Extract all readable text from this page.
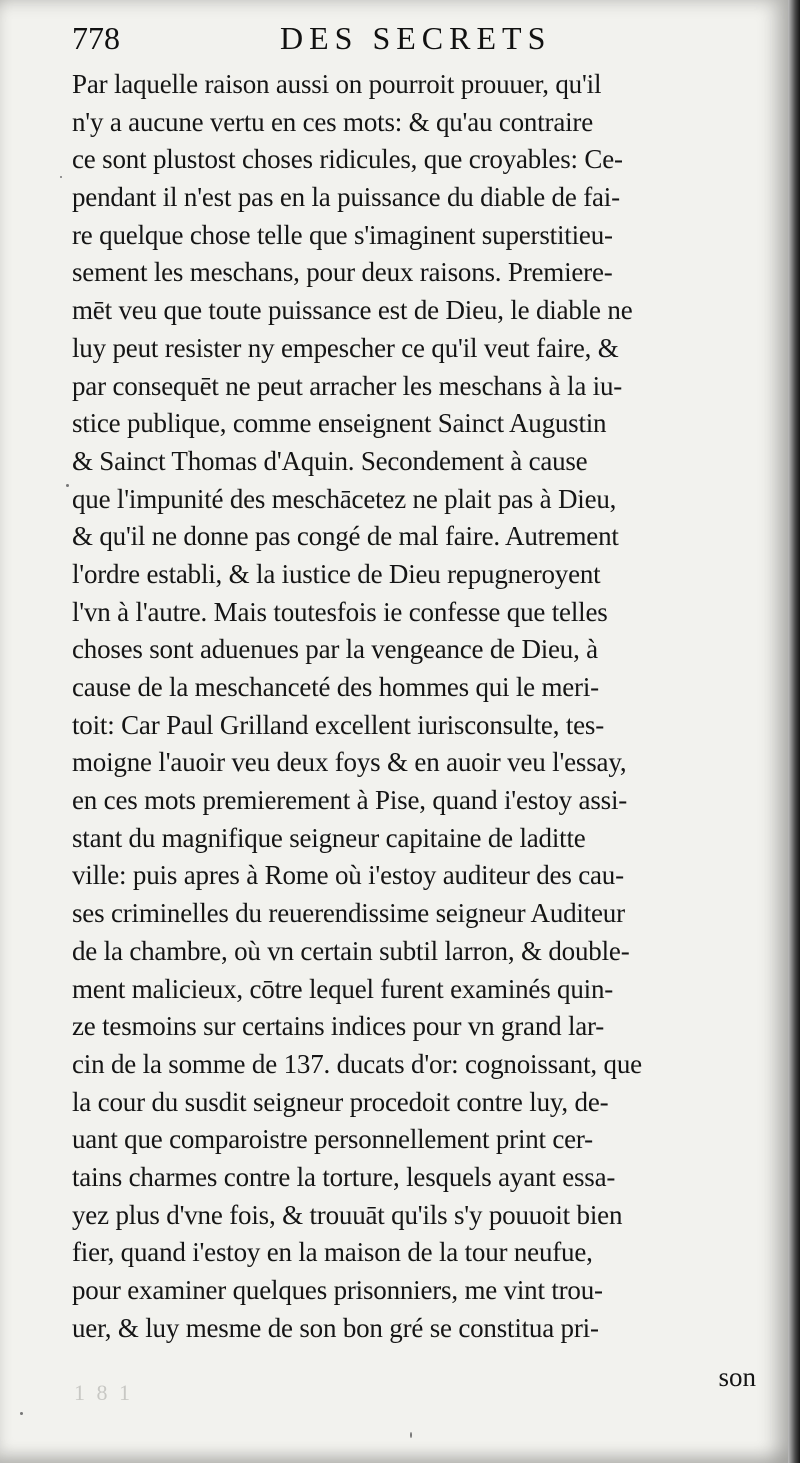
778	DES SECRETS
Par laquelle raison aussi on pourroit prouuer, qu'il
n'y a aucune vertu en ces mots: & qu'au contraire
ce sont plustost choses ridicules, que croyables: Ce-
pendant il n'est pas en la puissance du diable de fai-
re quelque chose telle que s'imaginent superstitieu-
sement les meschans, pour deux raisons. Premiere-
mēt veu que toute puissance est de Dieu, le diable ne
luy peut resister ny empescher ce qu'il veut faire, &
par consequēt ne peut arracher les meschans à la iu-
stice publique, comme enseignent Sainct Augustin
& Sainct Thomas d'Aquin. Secondement à cause
que l'impunité des meschācetez ne plait pas à Dieu,
& qu'il ne donne pas congé de mal faire. Autrement
l'ordre establi, & la iustice de Dieu repugneroyent
l'vn à l'autre. Mais toutesfois ie confesse que telles
choses sont aduenues par la vengeance de Dieu, à
cause de la meschanceté des hommes qui le meri-
toit: Car Paul Grilland excellent iurisconsulte, tes-
moigne l'auoir veu deux foys & en auoir veu l'essay,
en ces mots premierement à Pise, quand i'estoy assi-
stant du magnifique seigneur capitaine de laditte
ville: puis apres à Rome où i'estoy auditeur des cau-
ses criminelles du reuerendissime seigneur Auditeur
de la chambre, où vn certain subtil larron, & double-
ment malicieux, cōtre lequel furent examinés quin-
ze tesmoins sur certains indices pour vn grand lar-
cin de la somme de 137. ducats d'or: cognoissant, que
la cour du susdit seigneur procedoit contre luy, de-
uant que comparoistre personnellement print cer-
tains charmes contre la torture, lesquels ayant essa-
yez plus d'vne fois, & trouuāt qu'ils s'y pouuoit bien
fier, quand i'estoy en la maison de la tour neufue,
pour examiner quelques prisonniers, me vint trou-
uer, & luy mesme de son bon gré se constitua pri-
son
1 8 1
